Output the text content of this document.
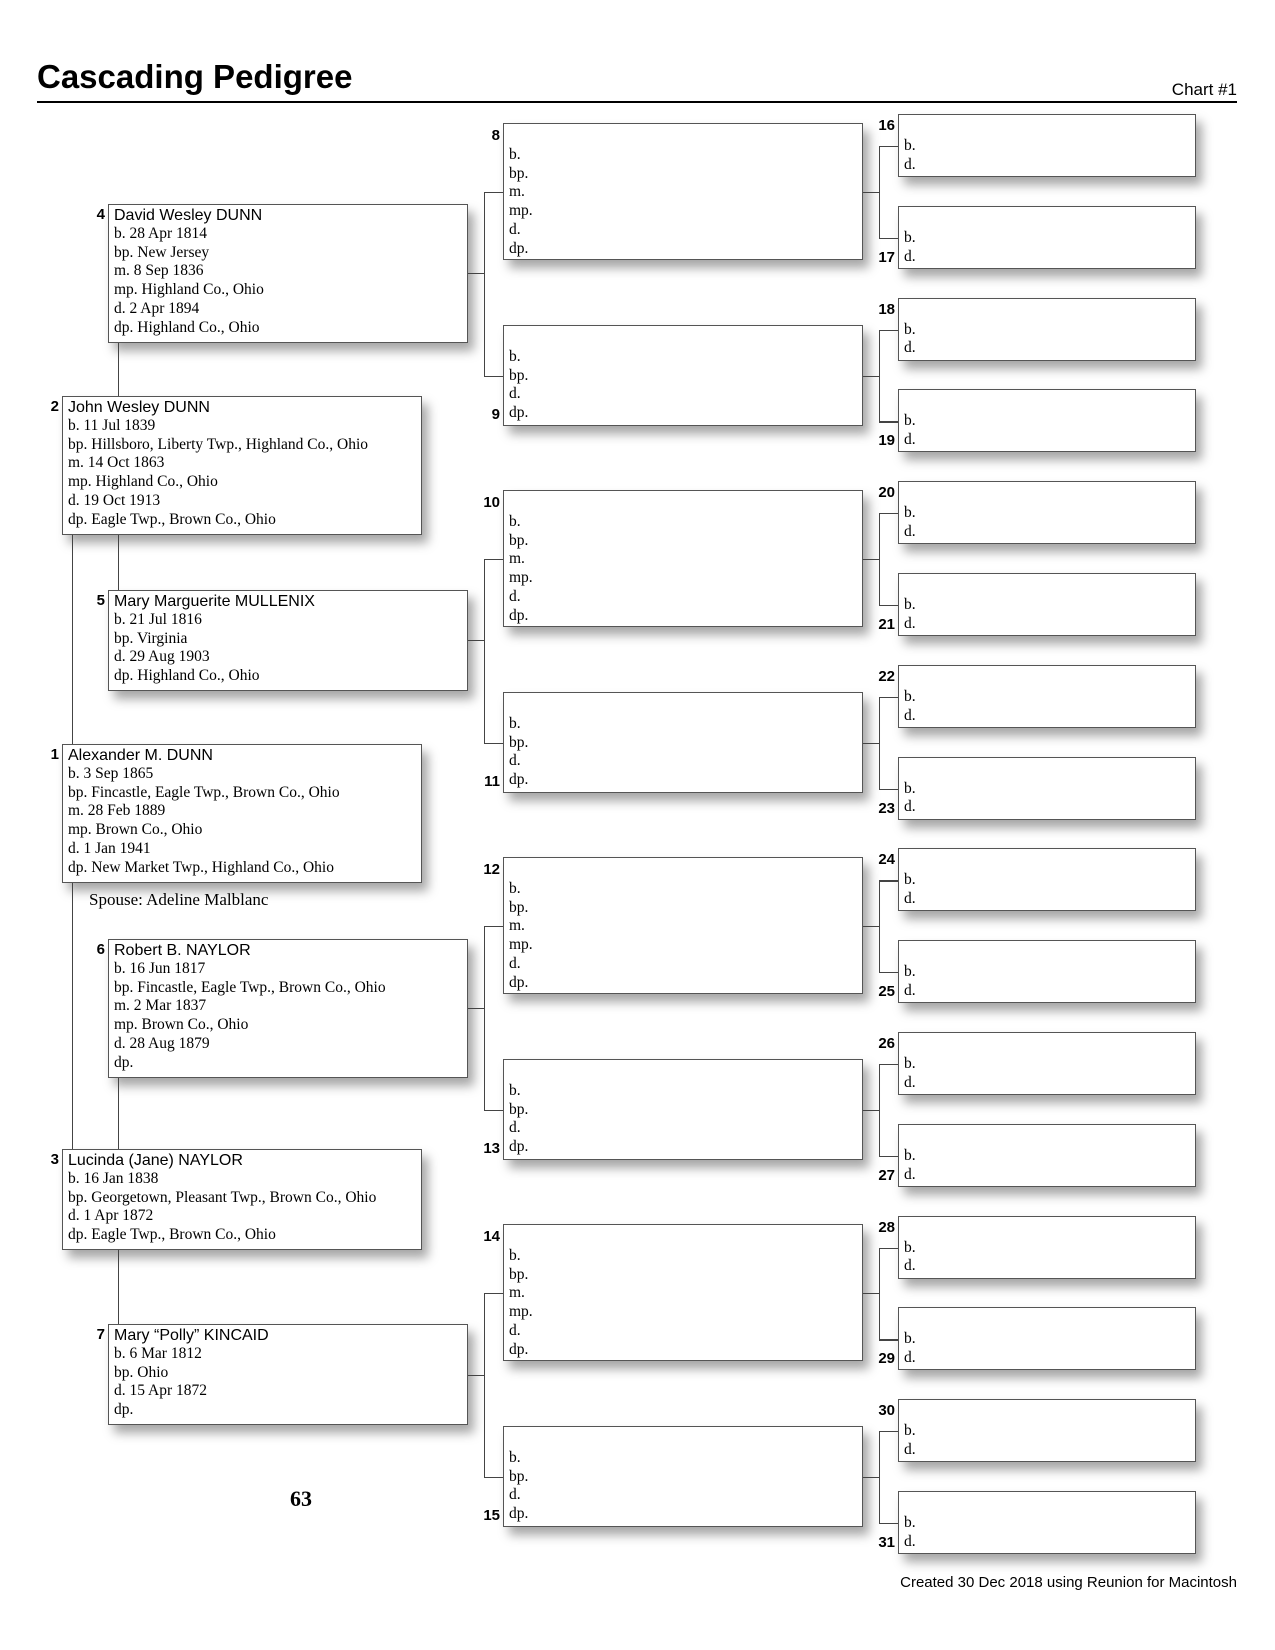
Cascading Pedigree	Chart #1
David Wesley DUNN
b. 28 Apr 1814
bp. New Jersey
m. 8 Sep 1836
mp. Highland Co., Ohio
d. 2 Apr 1894
dp. Highland Co., Ohio
4
John Wesley DUNN
b. 11 Jul 1839
bp. Hillsboro, Liberty Twp., Highland Co., Ohio
m. 14 Oct 1863
mp. Highland Co., Ohio
d. 19 Oct 1913
dp. Eagle Twp., Brown Co., Ohio
2
Mary Marguerite MULLENIX
b. 21 Jul 1816
bp. Virginia
d. 29 Aug 1903
dp. Highland Co., Ohio
5
Alexander M. DUNN
b. 3 Sep 1865
bp. Fincastle, Eagle Twp., Brown Co., Ohio
m. 28 Feb 1889
mp. Brown Co., Ohio
d. 1 Jan 1941
dp. New Market Twp., Highland Co., Ohio
1
Robert B. NAYLOR
b. 16 Jun 1817
bp. Fincastle, Eagle Twp., Brown Co., Ohio
m. 2 Mar 1837
mp. Brown Co., Ohio
d. 28 Aug 1879
dp.
6
Lucinda (Jane) NAYLOR
b. 16 Jan 1838
bp. Georgetown, Pleasant Twp., Brown Co., Ohio
d. 1 Apr 1872
dp. Eagle Twp., Brown Co., Ohio
3
Mary “Polly” KINCAID
b. 6 Mar 1812
bp. Ohio
d. 15 Apr 1872
dp.
7
b.
bp.
m.
mp.
d.
dp.
8
b.
bp.
d.
dp.
9
b.
bp.
m.
mp.
d.
dp.
10
b.
bp.
d.
dp.
11
b.
bp.
m.
mp.
d.
dp.
12
b.
bp.
d.
dp.
13
b.
bp.
m.
mp.
d.
dp.
14
b.
bp.
d.
dp.
15
b.
d.
16
b.
d.
17
b.
d.
18
b.
d.
19
b.
d.
20
b.
d.
21
b.
d.
22
b.
d.
23
b.
d.
24
b.
d.
25
b.
d.
26
b.
d.
27
b.
d.
28
b.
d.
29
b.
d.
30
b.
d.
31
Spouse: Adeline Malblanc
63
Created 30 Dec 2018 using Reunion for Macintosh
